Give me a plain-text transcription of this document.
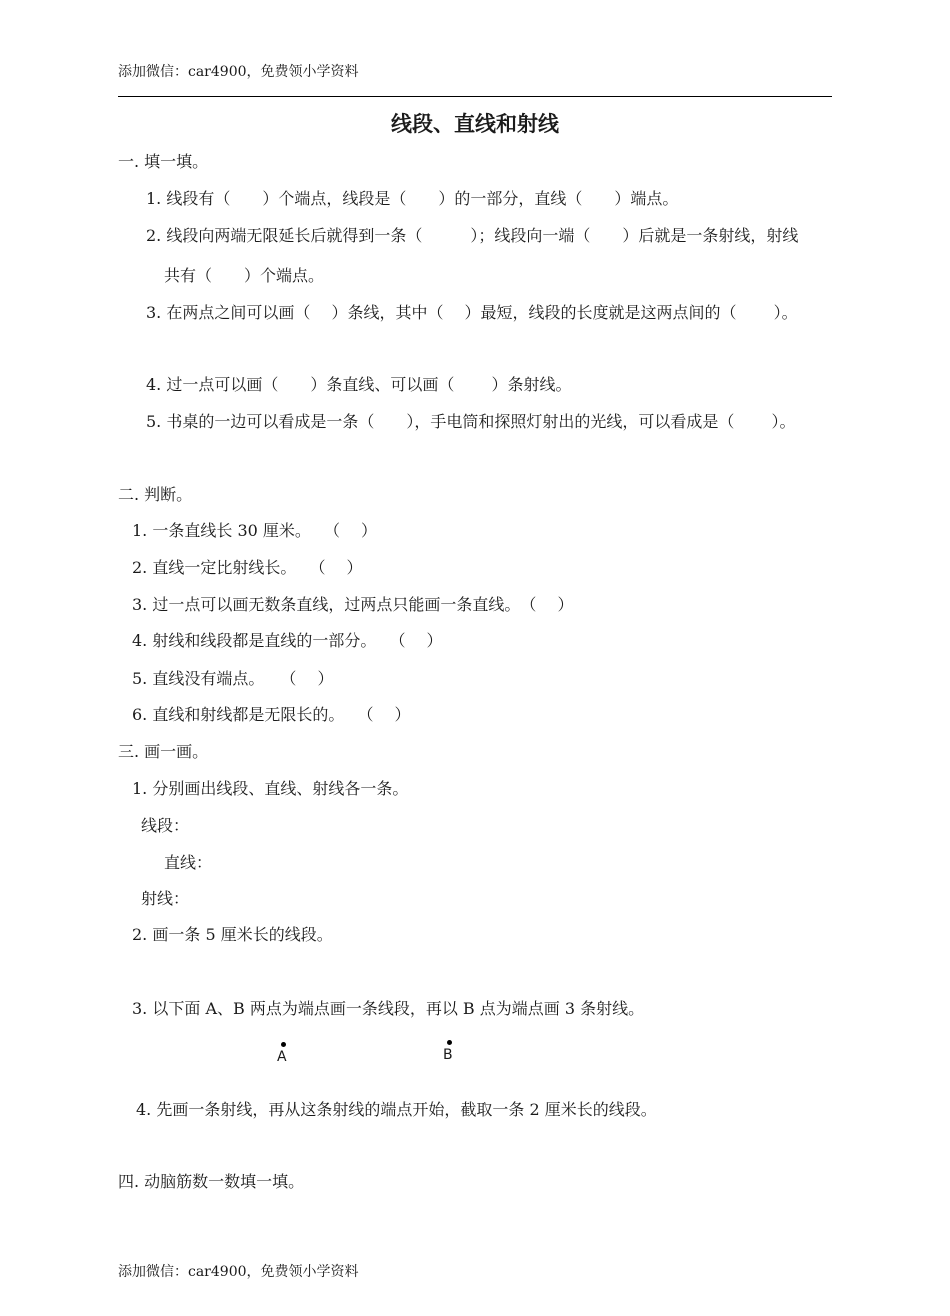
添加微信：car4900，免费领小学资料
线段、直线和射线
一. 填一填。
1. 线段有（　　）个端点，线段是（　　）的一部分，直线（　　）端点。
2. 线段向两端无限延长后就得到一条（　　　）；线段向一端（　　）后就是一条射线，射线
共有（　　）个端点。
3. 在两点之间可以画（　 ）条线，其中（　 ）最短，线段的长度就是这两点间的（　　 ）。
4. 过一点可以画（　　）条直线、可以画（　　 ）条射线。
5. 书桌的一边可以看成是一条（　　），手电筒和探照灯射出的光线，可以看成是（　　 ）。
二. 判断。
1. 一条直线长 30 厘米。　 （　 ）
2. 直线一定比射线长。　 （　 ）
3. 过一点可以画无数条直线，过两点只能画一条直线。　（　 ）
4. 射线和线段都是直线的一部分。　 （　 ）
5. 直线没有端点。　　（　 ）
6. 直线和射线都是无限长的。　 （　 ）
三. 画一画。
1. 分别画出线段、直线、射线各一条。
线段：
直线：
射线：
2. 画一条 5 厘米长的线段。
3. 以下面 A、B 两点为端点画一条线段，再以 B 点为端点画 3 条射线。
A	B
4. 先画一条射线，再从这条射线的端点开始，截取一条 2 厘米长的线段。
四. 动脑筋数一数填一填。
添加微信：car4900，免费领小学资料
